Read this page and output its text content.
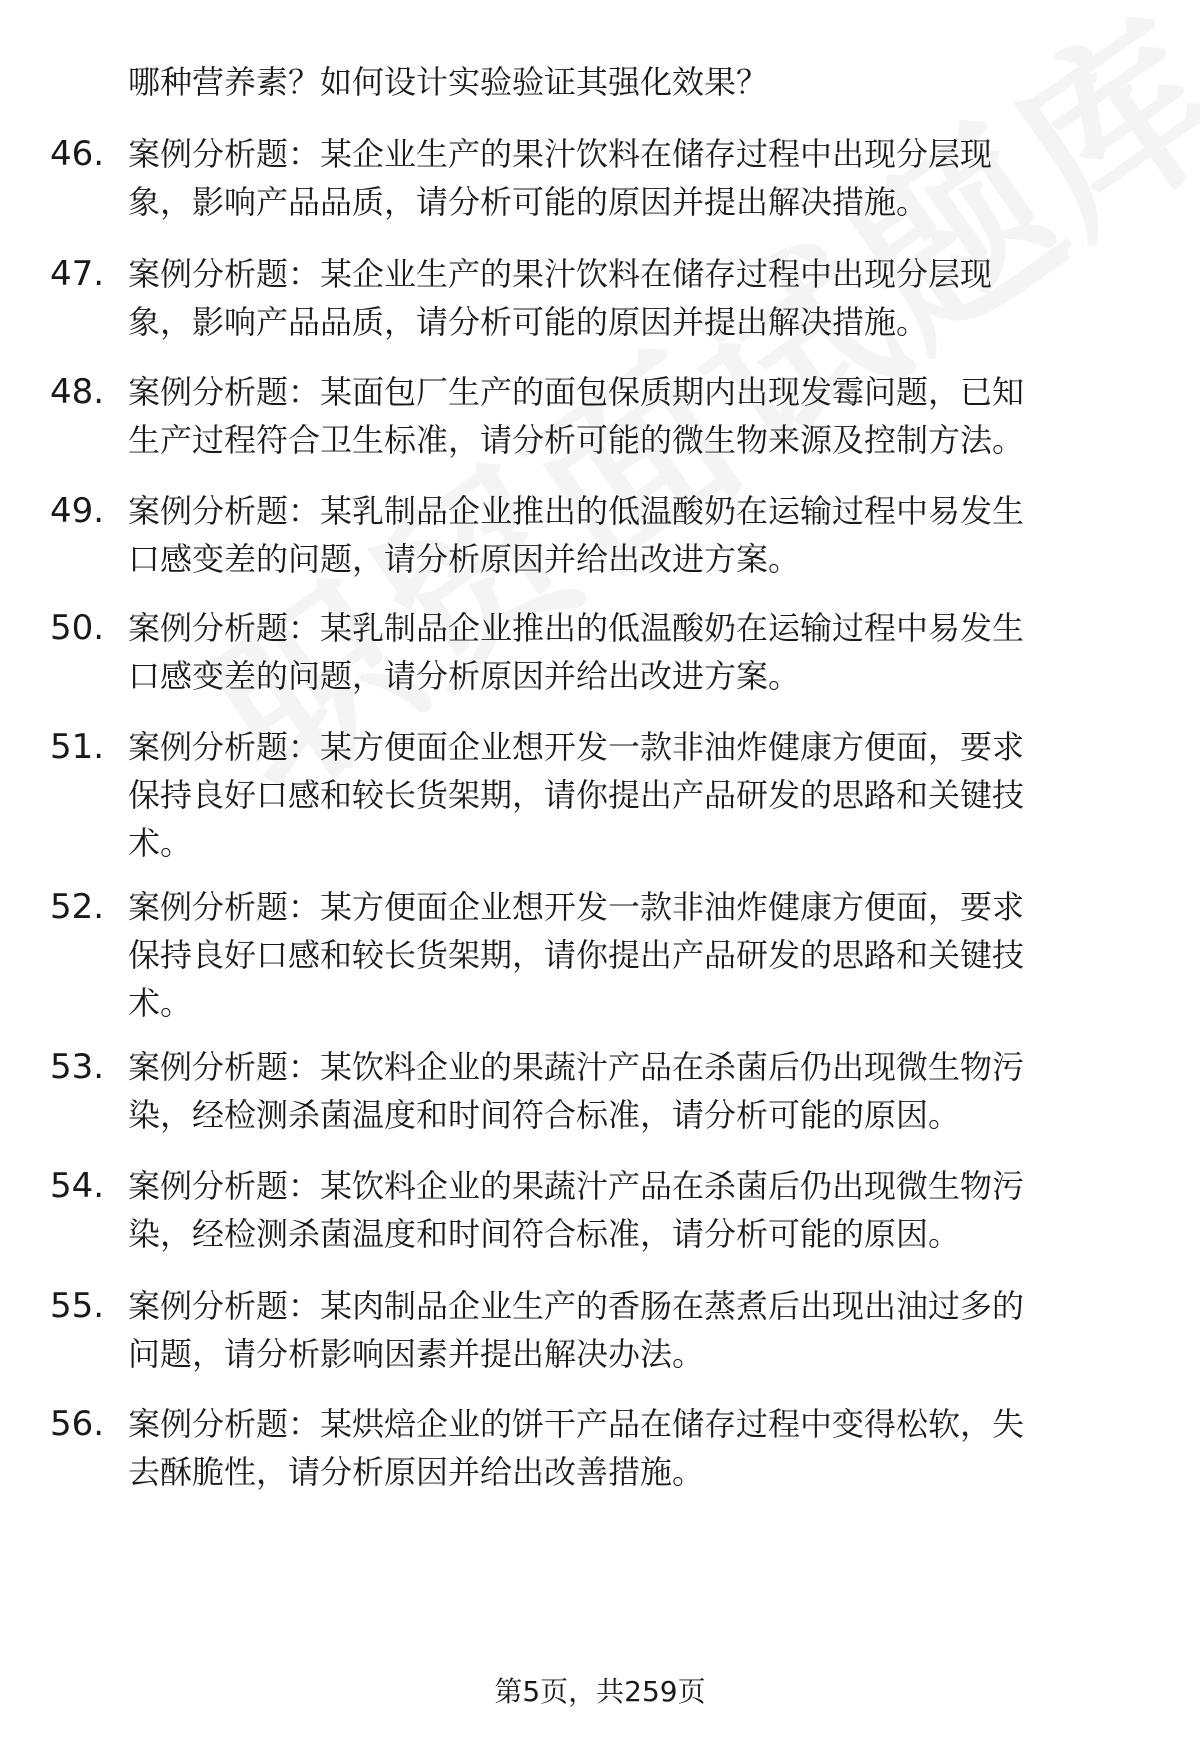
哪种营养素？如何设计实验验证其强化效果？
46. 案例分析题：某企业生产的果汁饮料在储存过程中出现分层现
象，影响产品品质，请分析可能的原因并提出解决措施。
47. 案例分析题：某企业生产的果汁饮料在储存过程中出现分层现
象，影响产品品质，请分析可能的原因并提出解决措施。
48. 案例分析题：某面包厂生产的面包保质期内出现发霉问题，已知
生产过程符合卫生标准，请分析可能的微生物来源及控制方法。
49. 案例分析题：某乳制品企业推出的低温酸奶在运输过程中易发生
口感变差的问题，请分析原因并给出改进方案。
50. 案例分析题：某乳制品企业推出的低温酸奶在运输过程中易发生
口感变差的问题，请分析原因并给出改进方案。
51. 案例分析题：某方便面企业想开发一款非油炸健康方便面，要求
保持良好口感和较长货架期，请你提出产品研发的思路和关键技
术。
52. 案例分析题：某方便面企业想开发一款非油炸健康方便面，要求
保持良好口感和较长货架期，请你提出产品研发的思路和关键技
术。
53. 案例分析题：某饮料企业的果蔬汁产品在杀菌后仍出现微生物污
染，经检测杀菌温度和时间符合标准，请分析可能的原因。
54. 案例分析题：某饮料企业的果蔬汁产品在杀菌后仍出现微生物污
染，经检测杀菌温度和时间符合标准，请分析可能的原因。
55. 案例分析题：某肉制品企业生产的香肠在蒸煮后出现出油过多的
问题，请分析影响因素并提出解决办法。
56. 案例分析题：某烘焙企业的饼干产品在储存过程中变得松软，失
去酥脆性，请分析原因并给出改善措施。
第5页，共259页
